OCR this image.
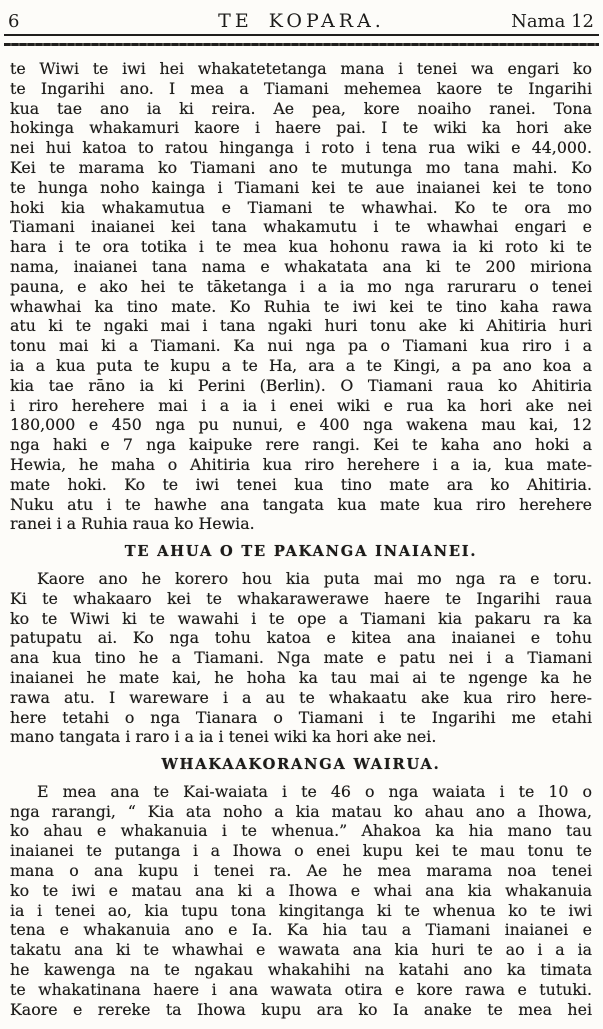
6	TE KOPARA.	Nama 12
te Wiwi te iwi hei whakatetetanga mana i tenei wa engari ko
te Ingarihi ano. I mea a Tiamani mehemea kaore te Ingarihi
kua tae ano ia ki reira. Ae pea, kore noaiho ranei. Tona
hokinga whakamuri kaore i haere pai. I te wiki ka hori ake
nei hui katoa to ratou hinganga i roto i tena rua wiki e 44,000.
Kei te marama ko Tiamani ano te mutunga mo tana mahi. Ko
te hunga noho kainga i Tiamani kei te aue inaianei kei te tono
hoki kia whakamutua e Tiamani te whawhai. Ko te ora mo
Tiamani inaianei kei tana whakamutu i te whawhai engari e
hara i te ora totika i te mea kua hohonu rawa ia ki roto ki te
nama, inaianei tana nama e whakatata ana ki te 200 miriona
pauna, e ako hei te tāketanga i a ia mo nga raruraru o tenei
whawhai ka tino mate. Ko Ruhia te iwi kei te tino kaha rawa
atu ki te ngaki mai i tana ngaki huri tonu ake ki Ahitiria huri
tonu mai ki a Tiamani. Ka nui nga pa o Tiamani kua riro i a
ia a kua puta te kupu a te Ha, ara a te Kingi, a pa ano koa a
kia tae rāno ia ki Perini (Berlin). O Tiamani raua ko Ahitiria
i riro herehere mai i a ia i enei wiki e rua ka hori ake nei
180,000 e 450 nga pu nunui, e 400 nga wakena mau kai, 12
nga haki e 7 nga kaipuke rere rangi. Kei te kaha ano hoki a
Hewia, he maha o Ahitiria kua riro herehere i a ia, kua mate-
mate hoki. Ko te iwi tenei kua tino mate ara ko Ahitiria.
Nuku atu i te hawhe ana tangata kua mate kua riro herehere
ranei i a Ruhia raua ko Hewia.
TE AHUA O TE PAKANGA INAIANEI.
Kaore ano he korero hou kia puta mai mo nga ra e toru.
Ki te whakaaro kei te whakarawerawe haere te Ingarihi raua
ko te Wiwi ki te wawahi i te ope a Tiamani kia pakaru ra ka
patupatu ai. Ko nga tohu katoa e kitea ana inaianei e tohu
ana kua tino he a Tiamani. Nga mate e patu nei i a Tiamani
inaianei he mate kai, he hoha ka tau mai ai te ngenge ka he
rawa atu. I wareware i a au te whakaatu ake kua riro here-
here tetahi o nga Tianara o Tiamani i te Ingarihi me etahi
mano tangata i raro i a ia i tenei wiki ka hori ake nei.
WHAKAAKORANGA WAIRUA.
E mea ana te Kai-waiata i te 46 o nga waiata i te 10 o
nga rarangi, “ Kia ata noho a kia matau ko ahau ano a Ihowa,
ko ahau e whakanuia i te whenua.” Ahakoa ka hia mano tau
inaianei te putanga i a Ihowa o enei kupu kei te mau tonu te
mana o ana kupu i tenei ra. Ae he mea marama noa tenei
ko te iwi e matau ana ki a Ihowa e whai ana kia whakanuia
ia i tenei ao, kia tupu tona kingitanga ki te whenua ko te iwi
tena e whakanuia ano e Ia. Ka hia tau a Tiamani inaianei e
takatu ana ki te whawhai e wawata ana kia huri te ao i a ia
he kawenga na te ngakau whakahihi na katahi ano ka timata
te whakatinana haere i ana wawata otira e kore rawa e tutuki.
Kaore e rereke ta Ihowa kupu ara ko Ia anake te mea hei
